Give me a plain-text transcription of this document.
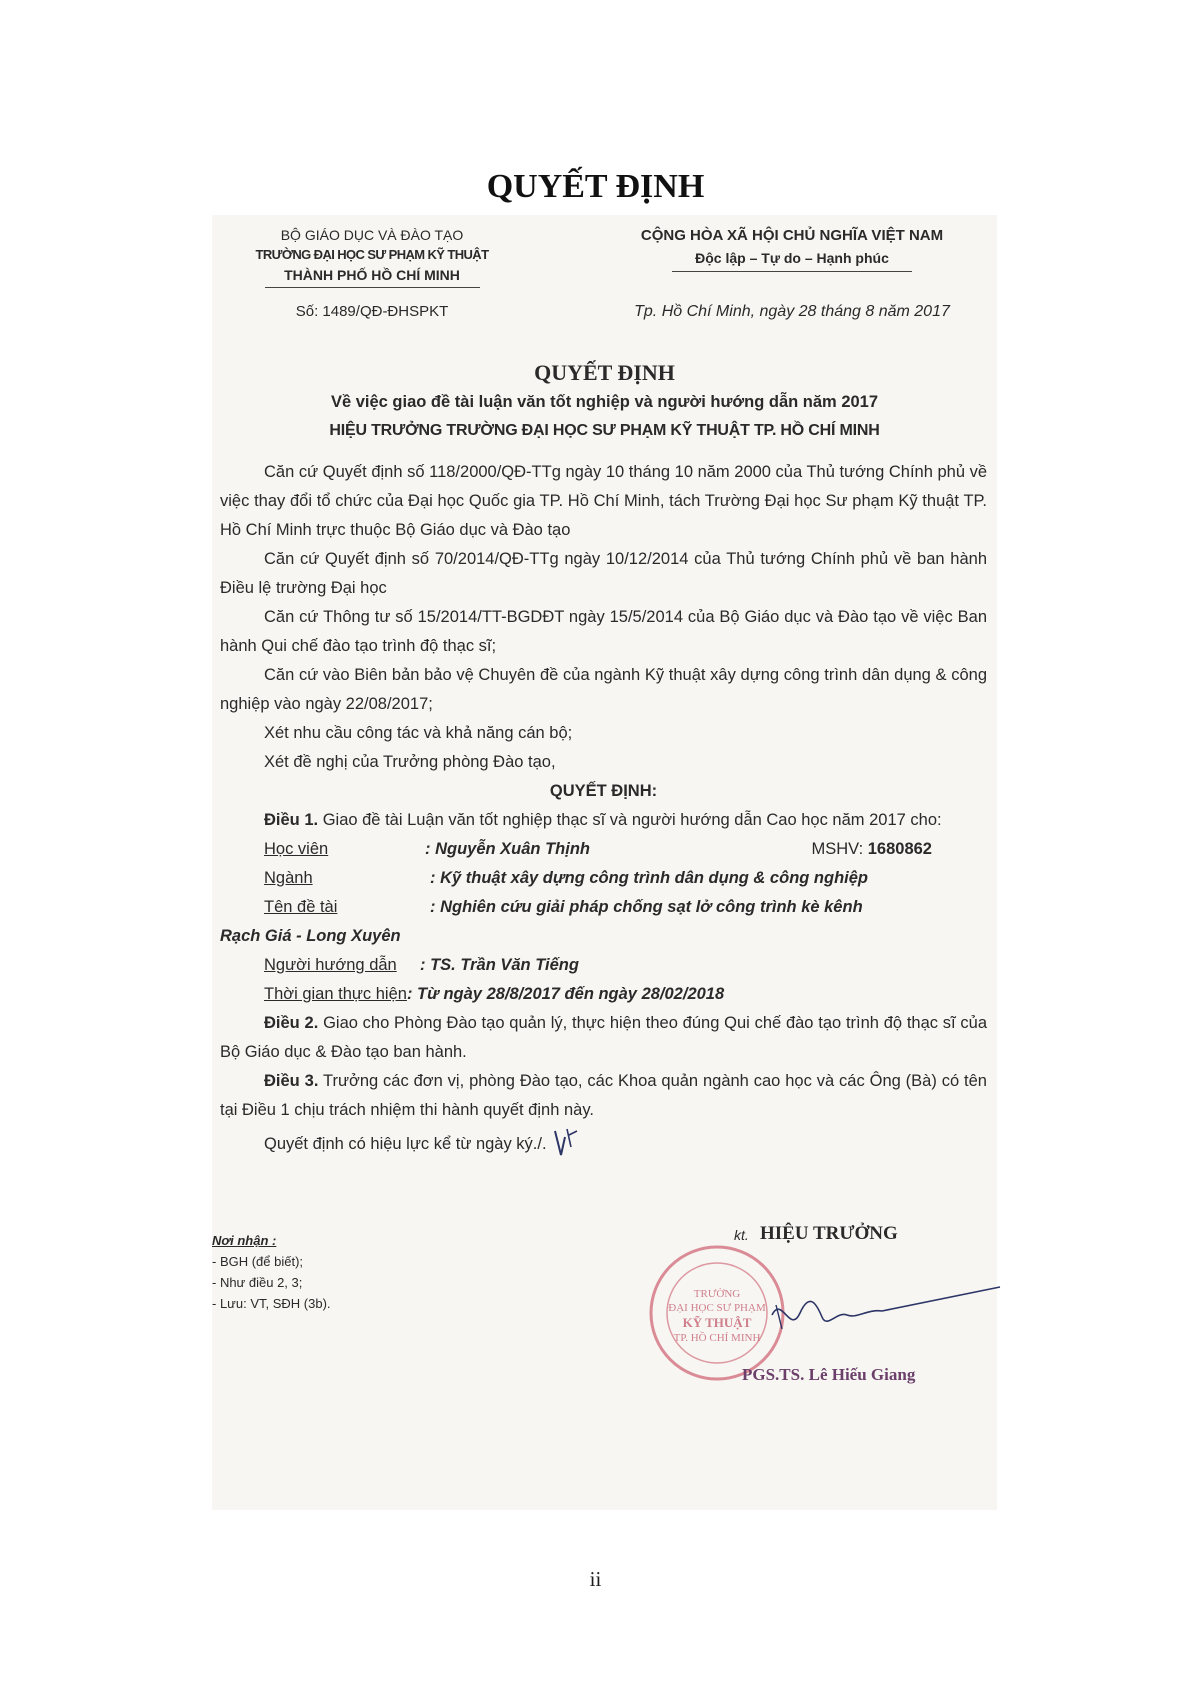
QUYẾT ĐỊNH
BỘ GIÁO DỤC VÀ ĐÀO TẠO
TRƯỜNG ĐẠI HỌC SƯ PHẠM KỸ THUẬT
THÀNH PHỐ HỒ CHÍ MINH
CỘNG HÒA XÃ HỘI CHỦ NGHĨA VIỆT NAM
Độc lập – Tự do – Hạnh phúc
Số: 1489/QĐ-ĐHSPKT	Tp. Hồ Chí Minh, ngày 28 tháng 8 năm 2017
QUYẾT ĐỊNH
Về việc giao đề tài luận văn tốt nghiệp và người hướng dẫn năm 2017
HIỆU TRƯỞNG TRƯỜNG ĐẠI HỌC SƯ PHẠM KỸ THUẬT TP. HỒ CHÍ MINH

Căn cứ Quyết định số 118/2000/QĐ-TTg ngày 10 tháng 10 năm 2000 của Thủ tướng Chính phủ về việc thay đổi tổ chức của Đại học Quốc gia TP. Hồ Chí Minh, tách Trường Đại học Sư phạm Kỹ thuật TP. Hồ Chí Minh trực thuộc Bộ Giáo dục và Đào tạo

Căn cứ Quyết định số 70/2014/QĐ-TTg ngày 10/12/2014 của Thủ tướng Chính phủ về ban hành Điều lệ trường Đại học

Căn cứ Thông tư số 15/2014/TT-BGDĐT ngày 15/5/2014 của Bộ Giáo dục và Đào tạo về việc Ban hành Qui chế đào tạo trình độ thạc sĩ;

Căn cứ vào Biên bản bảo vệ Chuyên đề của ngành Kỹ thuật xây dựng công trình dân dụng & công nghiệp vào ngày 22/08/2017;

Xét nhu cầu công tác và khả năng cán bộ;

Xét đề nghị của Trưởng phòng Đào tạo,

QUYẾT ĐỊNH:

Điều 1. Giao đề tài Luận văn tốt nghiệp thạc sĩ và người hướng dẫn Cao học năm 2017 cho:

Học viên	: Nguyễn Xuân Thịnh	MSHV: 1680862
Ngành	: Kỹ thuật xây dựng công trình dân dụng & công nghiệp
Tên đề tài	: Nghiên cứu giải pháp chống sạt lở công trình kè kênh

Rạch Giá - Long Xuyên

Người hướng dẫn : TS. Trần Văn Tiếng
Thời gian thực hiện: Từ ngày 28/8/2017 đến ngày 28/02/2018

Điều 2. Giao cho Phòng Đào tạo quản lý, thực hiện theo đúng Qui chế đào tạo trình độ thạc sĩ của Bộ Giáo dục & Đào tạo ban hành.

Điều 3. Trưởng các đơn vị, phòng Đào tạo, các Khoa quản ngành cao học và các Ông (Bà) có tên tại Điều 1 chịu trách nhiệm thi hành quyết định này.

Quyết định có hiệu lực kể từ ngày ký./.

Nơi nhận :
- BGH (để biết);
- Như điều 2, 3;
- Lưu: VT, SĐH (3b).
TRƯỜNG
ĐẠI HỌC SƯ PHẠM
KỸ THUẬT
TP. HỒ CHÍ MINH
kt. HIỆU TRƯỞNG
PGS.TS. Lê Hiếu Giang
ii
